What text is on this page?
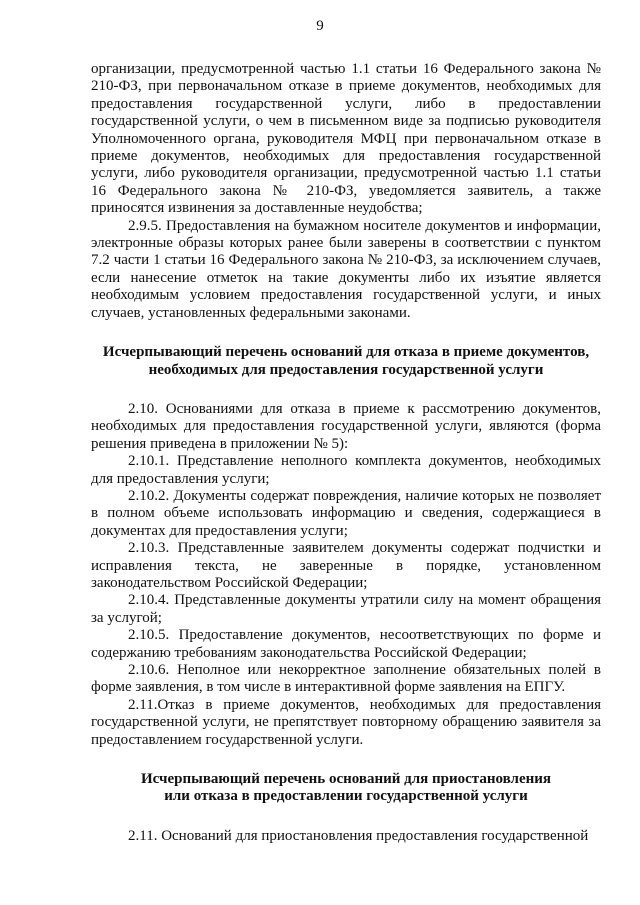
9

организации, предусмотренной частью 1.1 статьи 16 Федерального закона № 210-ФЗ, при первоначальном отказе в приеме документов, необходимых для предоставления государственной услуги, либо в предоставлении государственной услуги, о чем в письменном виде за подписью руководителя Уполномоченного органа, руководителя МФЦ при первоначальном отказе в приеме документов, необходимых для предоставления государственной услуги, либо руководителя организации, предусмотренной частью 1.1 статьи 16 Федерального закона № 210-ФЗ, уведомляется заявитель, а также приносятся извинения за доставленные неудобства;

2.9.5. Предоставления на бумажном носителе документов и информации, электронные образы которых ранее были заверены в соответствии с пунктом 7.2 части 1 статьи 16 Федерального закона № 210-ФЗ, за исключением случаев, если нанесение отметок на такие документы либо их изъятие является необходимым условием предоставления государственной услуги, и иных случаев, установленных федеральными законами.

Исчерпывающий перечень оснований для отказа в приеме документов,
необходимых для предоставления государственной услуги

2.10. Основаниями для отказа в приеме к рассмотрению документов, необходимых для предоставления государственной услуги, являются (форма решения приведена в приложении № 5):

2.10.1. Представление неполного комплекта документов, необходимых для предоставления услуги;

2.10.2. Документы содержат повреждения, наличие которых не позволяет в полном объеме использовать информацию и сведения, содержащиеся в документах для предоставления услуги;

2.10.3. Представленные заявителем документы содержат подчистки и исправления текста, не заверенные в порядке, установленном законодательством Российской Федерации;

2.10.4. Представленные документы утратили силу на момент обращения за услугой;

2.10.5. Предоставление документов, несоответствующих по форме и содержанию требованиям законодательства Российской Федерации;

2.10.6. Неполное или некорректное заполнение обязательных полей в форме заявления, в том числе в интерактивной форме заявления на ЕПГУ.

2.11.Отказ в приеме документов, необходимых для предоставления государственной услуги, не препятствует повторному обращению заявителя за предоставлением государственной услуги.

Исчерпывающий перечень оснований для приостановления
или отказа в предоставлении государственной услуги

2.11. Оснований для приостановления предоставления государственной
